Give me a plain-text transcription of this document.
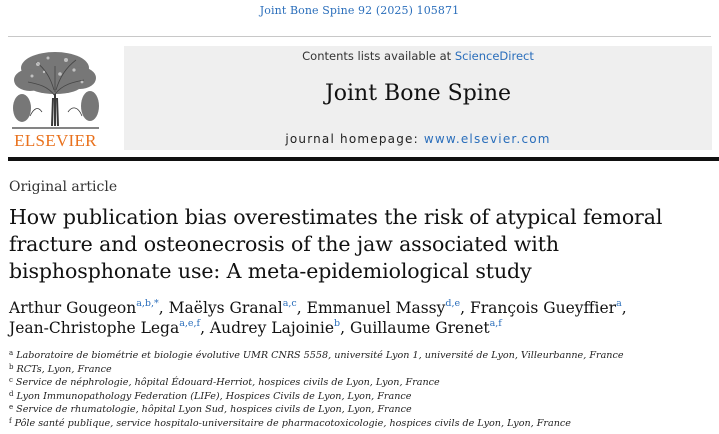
Joint Bone Spine 92 (2025) 105871
ELSEVIER
Contents lists available at ScienceDirect
Joint Bone Spine
journal homepage: www.elsevier.com
Original article
How publication bias overestimates the risk of atypical femoral fracture and osteonecrosis of the jaw associated with bisphosphonate use: A meta-epidemiological study
Arthur Gougeon$^{a,b,*}$, Maëlys Granal$^{a,c}$, Emmanuel Massy$^{d,e}$, François Gueyffier$^a$,
Jean-Christophe Lega$^{a,e,f}$, Audrey Lajoinie$^b$, Guillaume Grenet$^{a,f}$
$^a$ Laboratoire de biométrie et biologie évolutive UMR CNRS 5558, université Lyon 1, université de Lyon, Villeurbanne, France
$^b$ RCTs, Lyon, France
$^c$ Service de néphrologie, hôpital Édouard-Herriot, hospices civils de Lyon, Lyon, France
$^d$ Lyon Immunopathology Federation (LIFe), Hospices Civils de Lyon, Lyon, France
$^e$ Service de rhumatologie, hôpital Lyon Sud, hospices civils de Lyon, Lyon, France
$^f$ Pôle santé publique, service hospitalo-universitaire de pharmacotoxicologie, hospices civils de Lyon, Lyon, France
